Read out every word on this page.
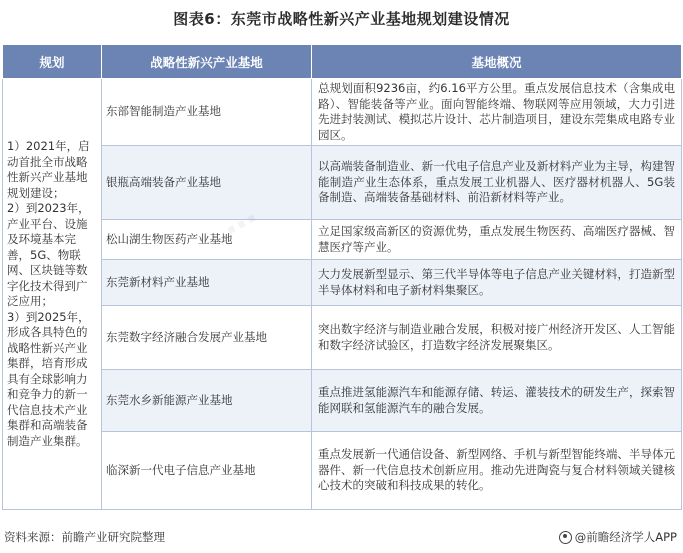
图表6：东莞市战略性新兴产业基地规划建设情况
规划	战略性新兴产业基地	基地概况

1）2021年，启动首批全市战略性新兴产业基地规划建设；
2）到2023年，产业平台、设施及环境基本完善，5G、物联网、区块链等数字化技术得到广泛应用；
3）到2025年，形成各具特色的战略性新兴产业集群，培育形成具有全球影响力和竞争力的新一代信息技术产业集群和高端装备制造产业集群。	东部智能制造产业基地	总规划面积9236亩，约6.16平方公里。重点发展信息技术（含集成电路）、智能装备等产业。面向智能终端、物联网等应用领域，大力引进先进封装测试、模拟芯片设计、芯片制造项目，建设东莞集成电路专业园区。
	银瓶高端装备产业基地	以高端装备制造业、新一代电子信息产业及新材料产业为主导，构建智能制造产业生态体系，重点发展工业机器人、医疗器材机器人、5G装备制造、高端装备基础材料、前沿新材料等产业。
	松山湖生物医药产业基地	立足国家级高新区的资源优势，重点发展生物医药、高端医疗器械、智慧医疗等产业。
	东莞新材料产业基地	大力发展新型显示、第三代半导体等电子信息产业关键材料，打造新型半导体材料和电子新材料集聚区。
	东莞数字经济融合发展产业基地	突出数字经济与制造业融合发展，积极对接广州经济开发区、人工智能和数字经济试验区，打造数字经济发展聚集区。
	东莞水乡新能源产业基地	重点推进氢能源汽车和能源存储、转运、灌装技术的研发生产，探索智能网联和氢能源汽车的融合发展。
	临深新一代电子信息产业基地	重点发展新一代通信设备、新型网络、手机与新型智能终端、半导体元器件、新一代信息技术创新应用。推动先进陶瓷与复合材料领域关键核心技术的突破和科技成果的转化。
资料来源：前瞻产业研究院整理	@前瞻经济学人APP
